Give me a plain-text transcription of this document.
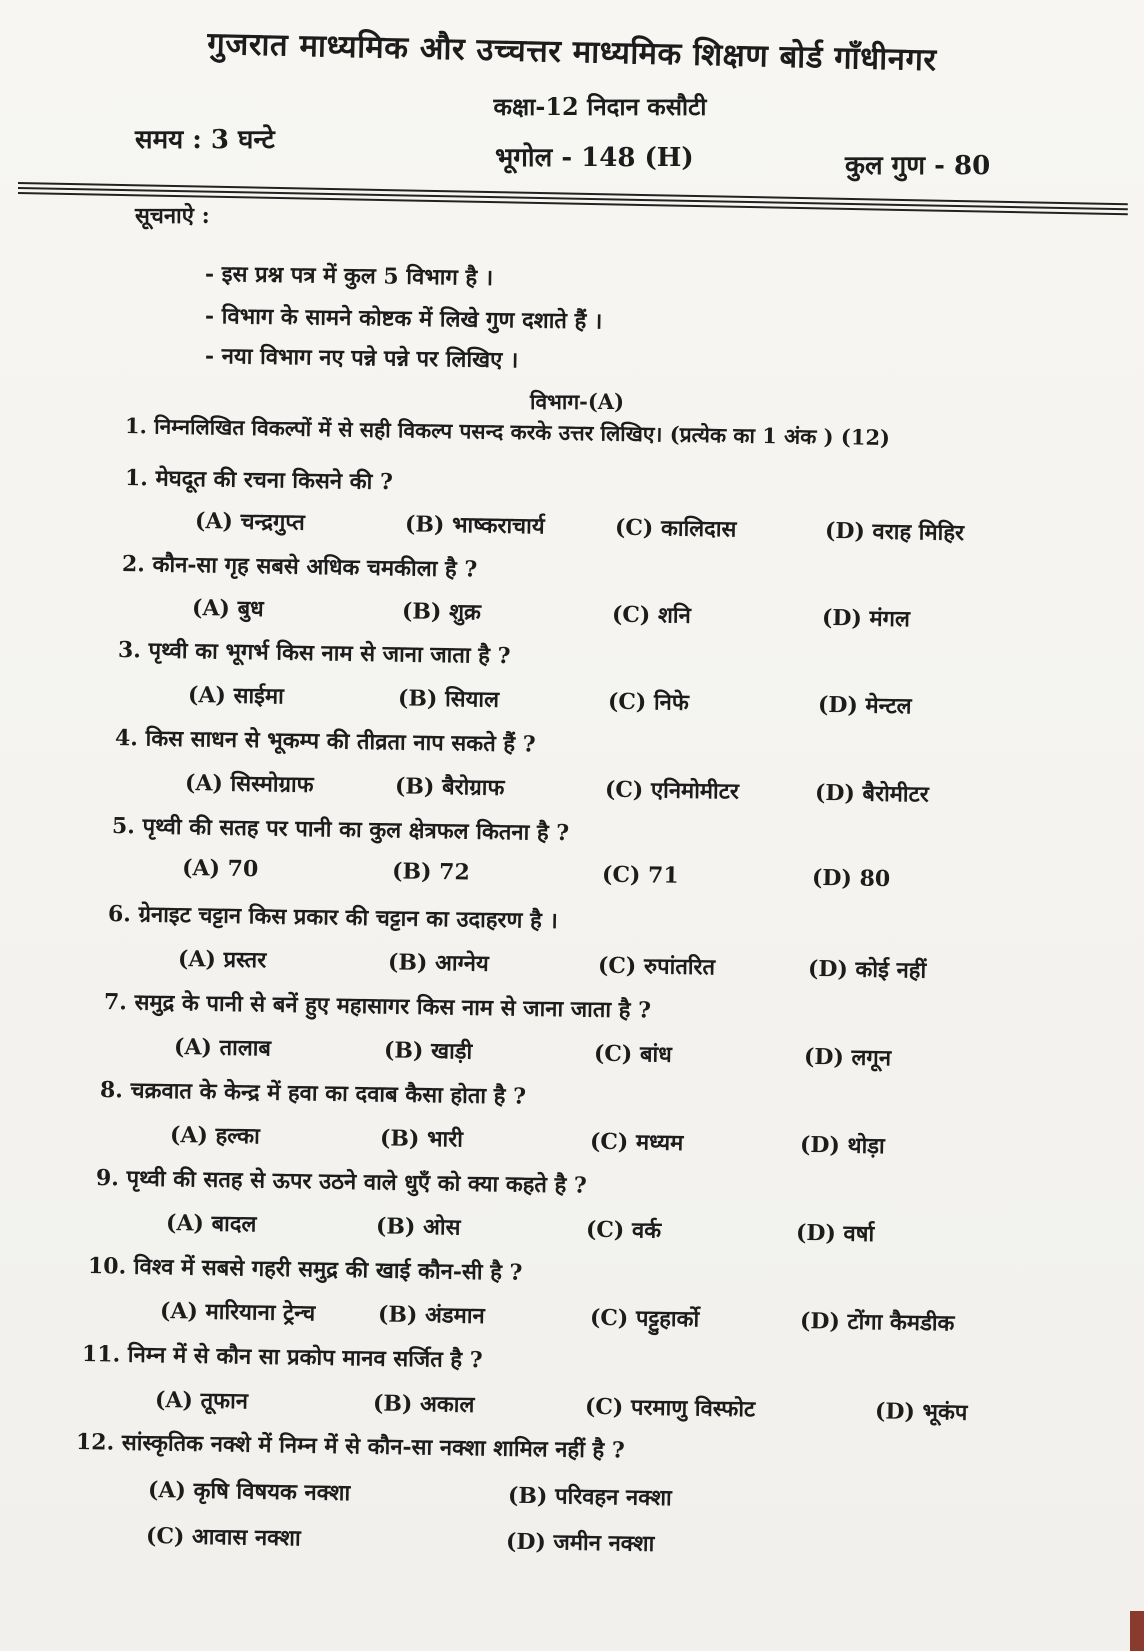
गुजरात माध्यमिक और उच्चत्तर माध्यमिक शिक्षण बोर्ड गाँधीनगर
कक्षा-12 निदान कसौटी
समय : 3 घन्टे
भूगोल - 148 (H)	कुल गुण - 80
सूचनाऐ :
- इस प्रश्न पत्र में कुल 5 विभाग है ।
- विभाग के सामने कोष्टक में लिखे गुण दशाते हैं ।
- नया विभाग नए पन्ने पन्ने पर लिखिए ।
विभाग-(A)
1. निम्नलिखित विकल्पों में से सही विकल्प पसन्द करके उत्तर लिखिए। (प्रत्येक का 1 अंक ) (12)
1. मेघदूत की रचना किसने की ?
(A) चन्द्रगुप्त	(B) भाष्कराचार्य	(C) कालिदास	(D) वराह मिहिर
2. कौन-सा गृह सबसे अधिक चमकीला है ?
(A) बुध	(B) शुक्र	(C) शनि	(D) मंगल
3. पृथ्वी का भूगर्भ किस नाम से जाना जाता है ?
(A) साईमा	(B) सियाल	(C) निफे	(D) मेन्टल
4. किस साधन से भूकम्प की तीव्रता नाप सकते हैं ?
(A) सिस्मोग्राफ	(B) बैरोग्राफ	(C) एनिमोमीटर	(D) बैरोमीटर
5. पृथ्वी की सतह पर पानी का कुल क्षेत्रफल कितना है ?
(A) 70	(B) 72	(C) 71	(D) 80
6. ग्रेनाइट चट्टान किस प्रकार की चट्टान का उदाहरण है ।
(A) प्रस्तर	(B) आग्नेय	(C) रुपांतरित	(D) कोई नहीं
7. समुद्र के पानी से बनें हुए महासागर किस नाम से जाना जाता है ?
(A) तालाब	(B) खाड़ी	(C) बांध	(D) लगून
8. चक्रवात के केन्द्र में हवा का दवाब कैसा होता है ?
(A) हल्का	(B) भारी	(C) मध्यम	(D) थोड़ा
9. पृथ्वी की सतह से ऊपर उठने वाले धुएँ को क्या कहते है ?
(A) बादल	(B) ओस	(C) वर्क	(D) वर्षा
10. विश्व में सबसे गहरी समुद्र की खाई कौन-सी है ?
(A) मारियाना ट्रेन्च	(B) अंडमान	(C) पट्टुहार्को	(D) टोंगा कैमडीक
11. निम्न में से कौन सा प्रकोप मानव सर्जित है ?
(A) तूफान	(B) अकाल	(C) परमाणु विस्फोट	(D) भूकंप
12. सांस्कृतिक नक्शे में निम्न में से कौन-सा नक्शा शामिल नहीं है ?
(A) कृषि विषयक नक्शा	(B) परिवहन नक्शा
(C) आवास नक्शा	(D) जमीन नक्शा
